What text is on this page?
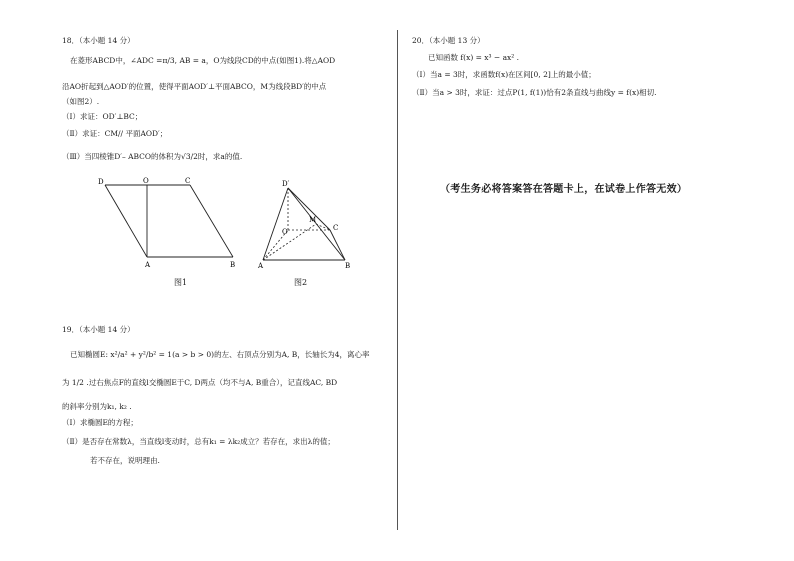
18．（本小题 14 分）
在菱形ABCD中，∠ADC =π/3, AB = a，O为线段CD的中点(如图1).将△AOD
沿AO折起到△AOD′的位置，使得平面AOD′⊥平面ABCO，M为线段BD′的中点
（如图2）.
（Ⅰ）求证：OD′⊥BC；
（Ⅱ）求证：CM// 平面AOD′；
（Ⅲ）当四棱锥D′– ABCO的体积为√3/2时，求a的值.
D	O	C
A	B
图1
D′
O
M
C
A	B
图2
19．（本小题 14 分）
已知椭圆E: x²/a² + y²/b² = 1(a > b > 0)的左、右顶点分别为A, B，长轴长为4，离心率
为 1/2 .过右焦点F的直线l交椭圆E于C, D两点（均不与A, B重合），记直线AC, BD
的斜率分别为k₁, k₂ .
（Ⅰ）求椭圆E的方程；
（Ⅱ）是否存在常数λ，当直线l变动时，总有k₁ = λk₂成立？若存在，求出λ的值；
若不存在，说明理由.
20．（本小题 13 分）
已知函数 f(x) = x³ − ax² .
（Ⅰ）当a = 3时，求函数f(x)在区间[0, 2]上的最小值；
（Ⅱ）当a > 3时，求证：过点P(1, f(1))恰有2条直线与曲线y = f(x)相切.
（考生务必将答案答在答题卡上，在试卷上作答无效）
